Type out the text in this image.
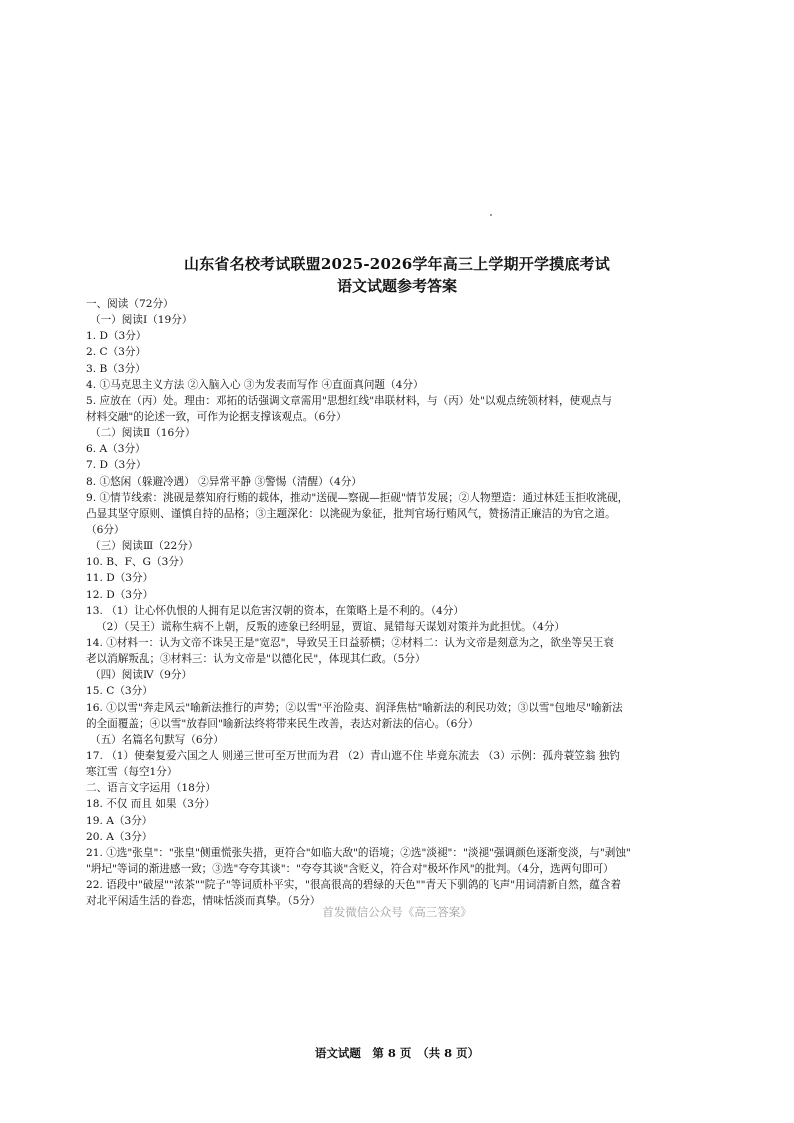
山东省名校考试联盟2025-2026学年高三上学期开学摸底考试
语文试题参考答案
一、阅读（72分）
（一）阅读Ⅰ（19分）
1. D（3分）
2. C（3分）
3. B（3分）
4. ①马克思主义方法 ②入脑入心 ③为发表而写作 ④直面真问题（4分）
5. 应放在（丙）处。理由：邓拓的话强调文章需用"思想红线"串联材料，与（丙）处"以观点统领材料，使观点与
材料交融"的论述一致，可作为论据支撑该观点。（6分）
（二）阅读Ⅱ（16分）
6. A（3分）
7. D（3分）
8. ①悠闲（躲避冷遇） ②异常平静 ③警惕（清醒）（4分）
9. ①情节线索：洮砚是蔡知府行贿的载体，推动"送砚—察砚—拒砚"情节发展；②人物塑造：通过林廷玉拒收洮砚，
凸显其坚守原则、谨慎自持的品格；③主题深化：以洮砚为象征，批判官场行贿风气，赞扬清正廉洁的为官之道。
（6分）
（三）阅读Ⅲ（22分）
10. B、F、G（3分）
11. D（3分）
12. D（3分）
13. （1）让心怀仇恨的人拥有足以危害汉朝的资本，在策略上是不利的。（4分）
（2）（吴王）谎称生病不上朝，反叛的迹象已经明显，贾谊、晁错每天谋划对策并为此担忧。（4分）
14. ①材料一：认为文帝不诛吴王是"宽忍"，导致吴王日益骄横；②材料二：认为文帝是刻意为之，欲坐等吴王衰
老以消解叛乱；③材料三：认为文帝是"以德化民"，体现其仁政。（5分）
（四）阅读Ⅳ（9分）
15. C（3分）
16. ①以雪"奔走风云"喻新法推行的声势；②以雪"平治险夷、润泽焦枯"喻新法的利民功效；③以雪"包地尽"喻新法
的全面覆盖；④以雪"放春回"喻新法终将带来民生改善，表达对新法的信心。（6分）
（五）名篇名句默写（6分）
17. （1）使秦复爱六国之人 则递三世可至万世而为君 （2）青山遮不住 毕竟东流去 （3）示例：孤舟蓑笠翁 独钓
寒江雪（每空1分）
二、语言文字运用（18分）
18. 不仅 而且 如果（3分）
19. A（3分）
20. A（3分）
21. ①选"张皇"："张皇"侧重慌张失措，更符合"如临大敌"的语境；②选"淡褪"："淡褪"强调颜色逐渐变淡，与"剥蚀"
"坍圮"等词的渐进感一致；③选"夸夸其谈"："夸夸其谈"含贬义，符合对"极坏作风"的批判。（4分，选两句即可）
22. 语段中"破屋""浓茶""院子"等词质朴平实，"很高很高的碧绿的天色""青天下驯鸽的飞声"用词清新自然，蕴含着
对北平闲适生活的眷恋，情味恬淡而真挚。（5分）
首发微信公众号《高三答案》
语文试题　第 8 页　（共 8 页）
